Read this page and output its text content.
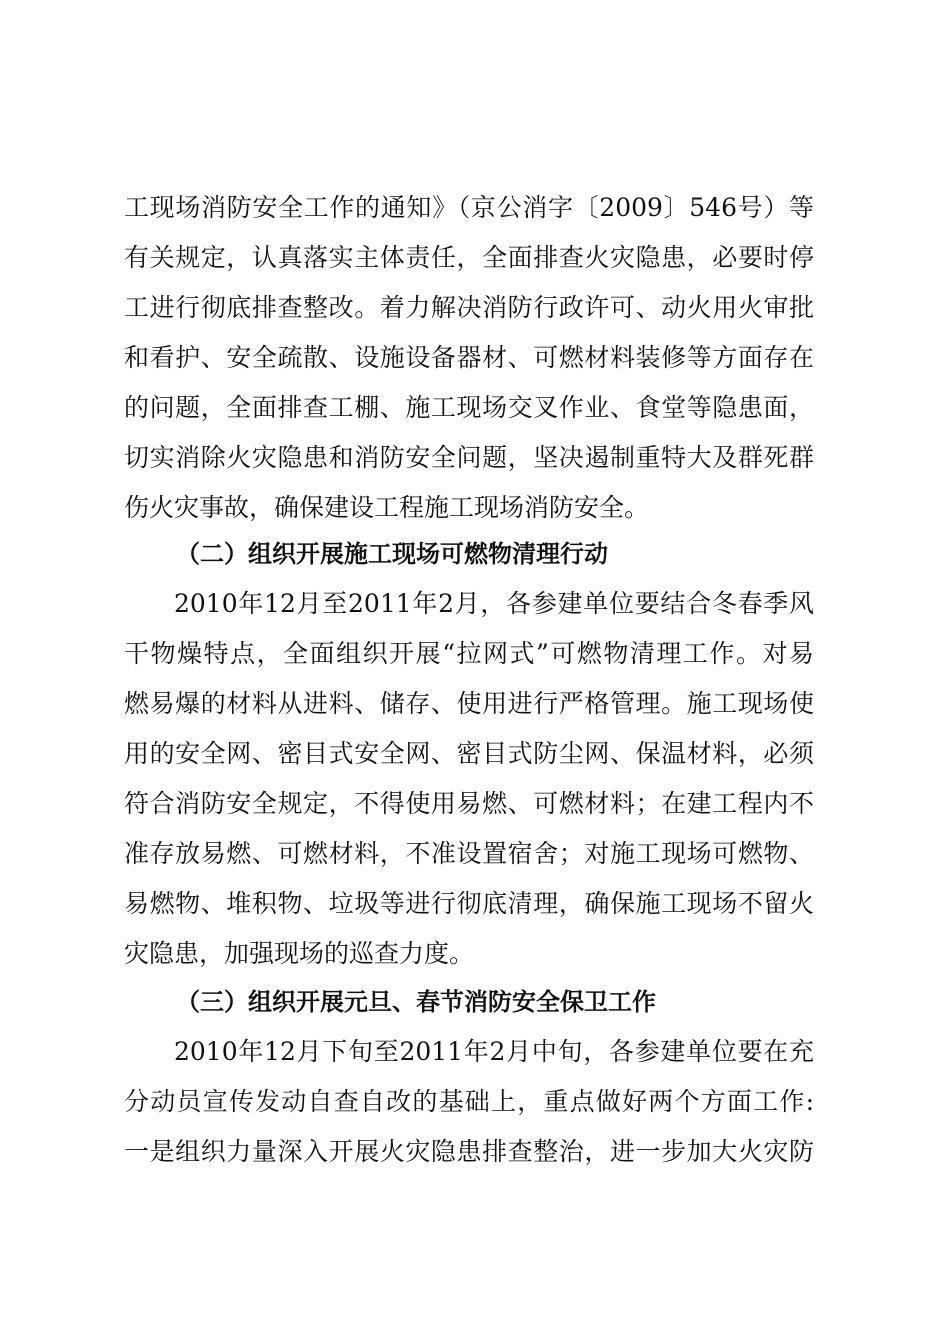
工现场消防安全工作的通知》（京公消字〔2009〕546号）等
有关规定，认真落实主体责任，全面排查火灾隐患，必要时停
工进行彻底排查整改。着力解决消防行政许可、动火用火审批
和看护、安全疏散、设施设备器材、可燃材料装修等方面存在
的问题，全面排查工棚、施工现场交叉作业、食堂等隐患面，
切实消除火灾隐患和消防安全问题，坚决遏制重特大及群死群
伤火灾事故，确保建设工程施工现场消防安全。
（二）组织开展施工现场可燃物清理行动
2010年12月至2011年2月，各参建单位要结合冬春季风
干物燥特点，全面组织开展“拉网式”可燃物清理工作。对易
燃易爆的材料从进料、储存、使用进行严格管理。施工现场使
用的安全网、密目式安全网、密目式防尘网、保温材料，必须
符合消防安全规定，不得使用易燃、可燃材料；在建工程内不
准存放易燃、可燃材料，不准设置宿舍；对施工现场可燃物、
易燃物、堆积物、垃圾等进行彻底清理，确保施工现场不留火
灾隐患，加强现场的巡查力度。
（三）组织开展元旦、春节消防安全保卫工作
2010年12月下旬至2011年2月中旬，各参建单位要在充
分动员宣传发动自查自改的基础上，重点做好两个方面工作:
一是组织力量深入开展火灾隐患排查整治，进一步加大火灾防
